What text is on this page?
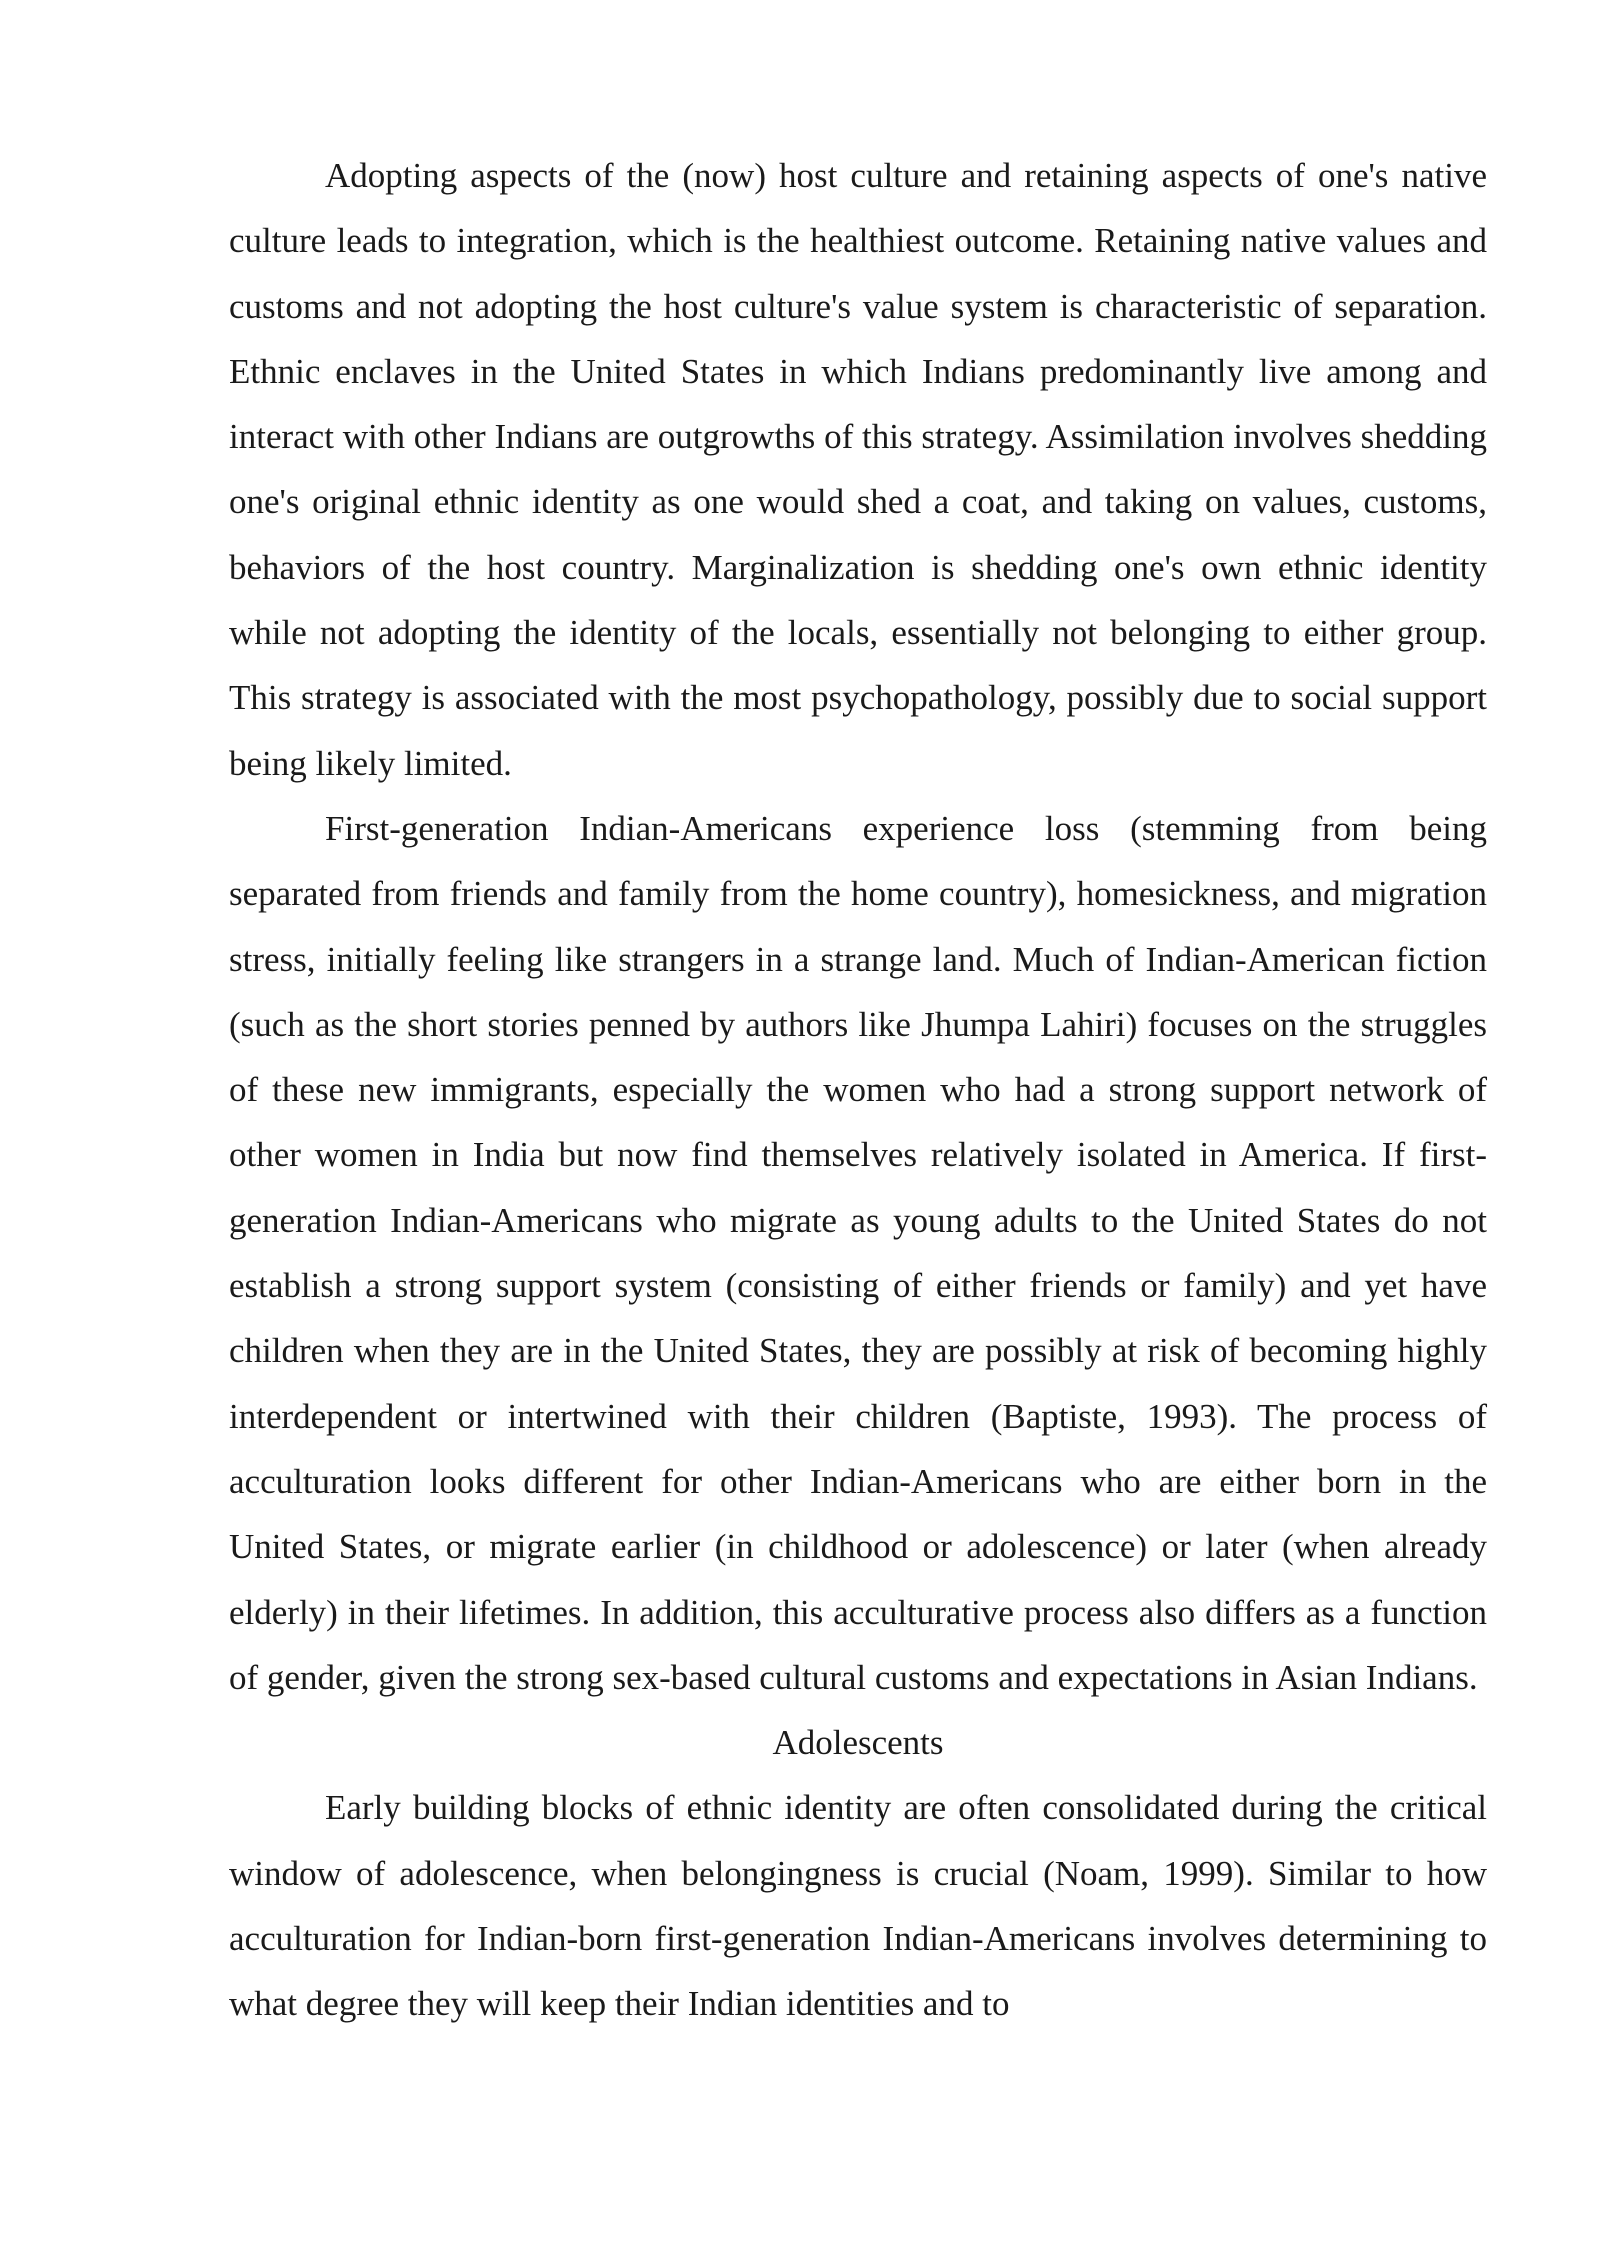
Adopting aspects of the (now) host culture and retaining aspects of one's native culture leads to integration, which is the healthiest outcome. Retaining native values and customs and not adopting the host culture's value system is characteristic of separation. Ethnic enclaves in the United States in which Indians predominantly live among and interact with other Indians are outgrowths of this strategy. Assimilation involves shedding one's original ethnic identity as one would shed a coat, and taking on values, customs, behaviors of the host country. Marginalization is shedding one's own ethnic identity while not adopting the identity of the locals, essentially not belonging to either group. This strategy is associated with the most psychopathology, possibly due to social support being likely limited.

First-generation Indian-Americans experience loss (stemming from being separated from friends and family from the home country), homesickness, and migration stress, initially feeling like strangers in a strange land. Much of Indian-American fiction (such as the short stories penned by authors like Jhumpa Lahiri) focuses on the struggles of these new immigrants, especially the women who had a strong support network of other women in India but now find themselves relatively isolated in America. If first-generation Indian-Americans who migrate as young adults to the United States do not establish a strong support system (consisting of either friends or family) and yet have children when they are in the United States, they are possibly at risk of becoming highly interdependent or intertwined with their children (Baptiste, 1993). The process of acculturation looks different for other Indian-Americans who are either born in the United States, or migrate earlier (in childhood or adolescence) or later (when already elderly) in their lifetimes. In addition, this acculturative process also differs as a function of gender, given the strong sex-based cultural customs and expectations in Asian Indians.

Adolescents

Early building blocks of ethnic identity are often consolidated during the critical window of adolescence, when belongingness is crucial (Noam, 1999). Similar to how acculturation for Indian-born first-generation Indian-Americans involves determining to what degree they will keep their Indian identities and to
